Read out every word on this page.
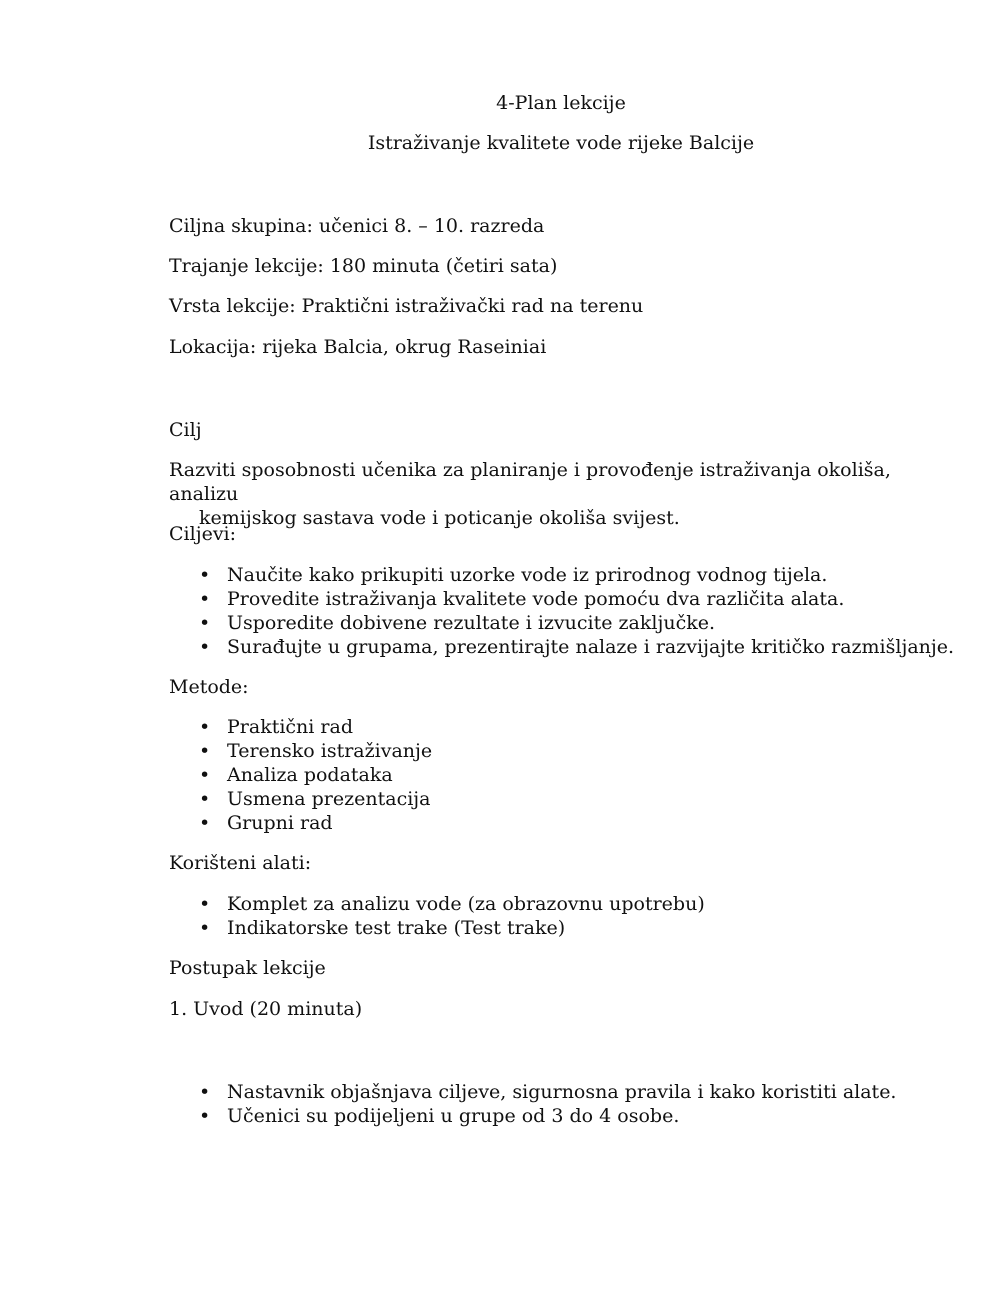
4-Plan lekcije

Istraživanje kvalitete vode rijeke Balcije

Ciljna skupina: učenici 8. – 10. razreda

Trajanje lekcije: 180 minuta (četiri sata)

Vrsta lekcije: Praktični istraživački rad na terenu

Lokacija: rijeka Balcia, okrug Raseiniai

Cilj

Razviti sposobnosti učenika za planiranje i provođenje istraživanja okoliša, analizu
kemijskog sastava vode i poticanje okoliša svijest.

Ciljevi:

• Naučite kako prikupiti uzorke vode iz prirodnog vodnog tijela.
• Provedite istraživanja kvalitete vode pomoću dva različita alata.
• Usporedite dobivene rezultate i izvucite zaključke.
• Surađujte u grupama, prezentirajte nalaze i razvijajte kritičko razmišljanje.

Metode:

• Praktični rad
• Terensko istraživanje
• Analiza podataka
• Usmena prezentacija
• Grupni rad

Korišteni alati:

• Komplet za analizu vode (za obrazovnu upotrebu)
• Indikatorske test trake (Test trake)

Postupak lekcije

1. Uvod (20 minuta)

• Nastavnik objašnjava ciljeve, sigurnosna pravila i kako koristiti alate.
• Učenici su podijeljeni u grupe od 3 do 4 osobe.
